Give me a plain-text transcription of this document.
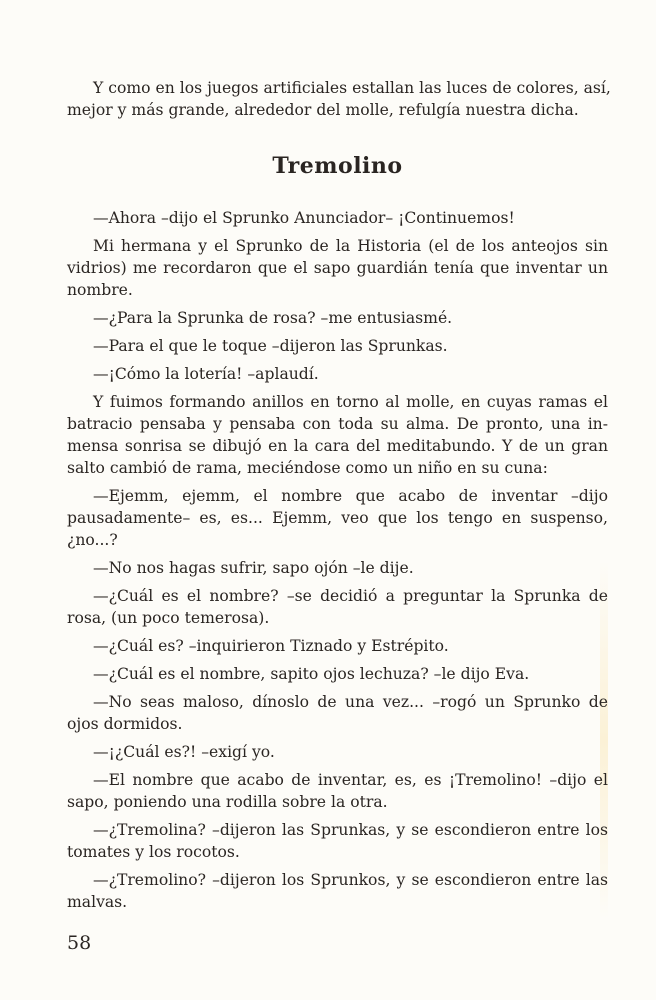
Y como en los juegos artificiales estallan las luces de colores, así,
mejor y más grande, alrededor del molle, refulgía nuestra dicha.
Tremolino
—Ahora –dijo el Sprunko Anunciador– ¡Continuemos!
Mi hermana y el Sprunko de la Historia (el de los anteojos sin
vidrios) me recordaron que el sapo guardián tenía que inventar un
nombre.
—¿Para la Sprunka de rosa? –me entusiasmé.
—Para el que le toque –dijeron las Sprunkas.
—¡Cómo la lotería! –aplaudí.
Y fuimos formando anillos en torno al molle, en cuyas ramas el
batracio pensaba y pensaba con toda su alma. De pronto, una in-
mensa sonrisa se dibujó en la cara del meditabundo. Y de un gran
salto cambió de rama, meciéndose como un niño en su cuna:
—Ejemm, ejemm, el nombre que acabo de inventar –dijo
pausadamente– es, es... Ejemm, veo que los tengo en suspenso,
¿no...?
—No nos hagas sufrir, sapo ojón –le dije.
—¿Cuál es el nombre? –se decidió a preguntar la Sprunka de
rosa, (un poco temerosa).
—¿Cuál es? –inquirieron Tiznado y Estrépito.
—¿Cuál es el nombre, sapito ojos lechuza? –le dijo Eva.
—No seas maloso, dínoslo de una vez... –rogó un Sprunko de
ojos dormidos.
—¡¿Cuál es?! –exigí yo.
—El nombre que acabo de inventar, es, es ¡Tremolino! –dijo el
sapo, poniendo una rodilla sobre la otra.
—¿Tremolina? –dijeron las Sprunkas, y se escondieron entre los
tomates y los rocotos.
—¿Tremolino? –dijeron los Sprunkos, y se escondieron entre las
malvas.
58
